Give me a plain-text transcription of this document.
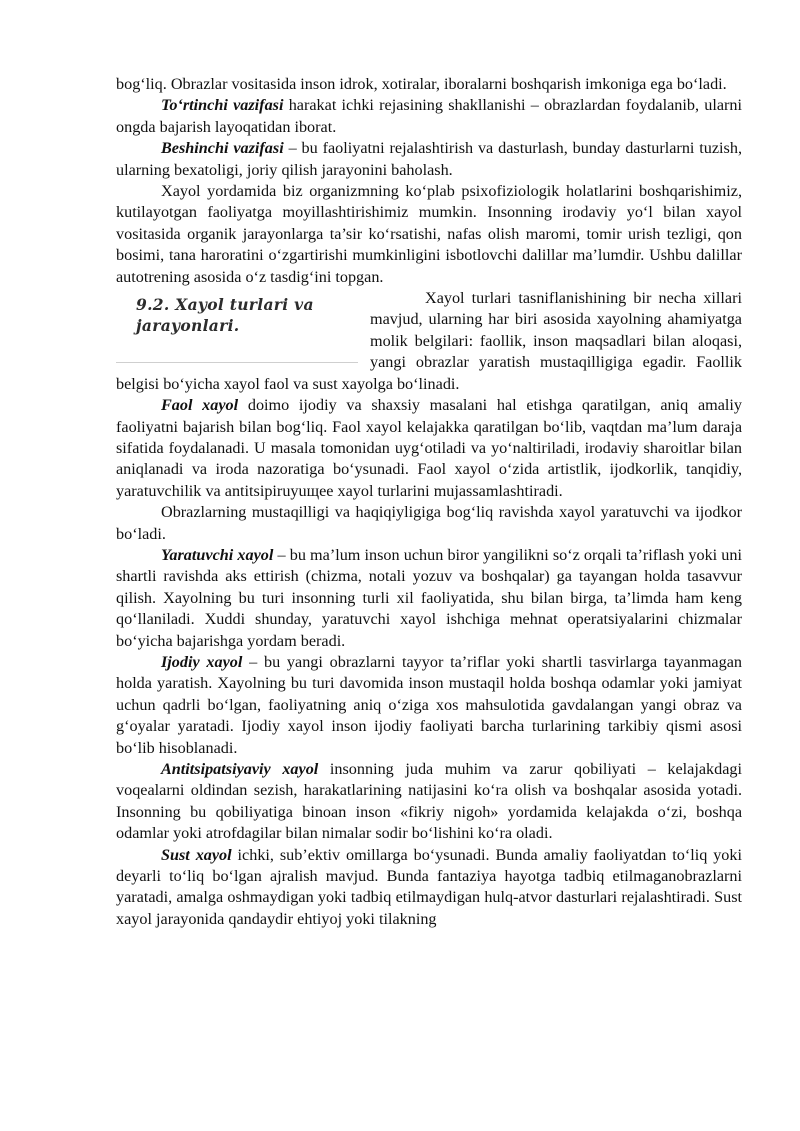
bog‘liq. Obrazlar vositasida inson idrok, xotiralar, iboralarni boshqarish imkoniga ega bo‘ladi.

To‘rtinchi vazifasi harakat ichki rejasining shakllanishi – obrazlardan foydalanib, ularni ongda bajarish layoqatidan iborat.

Beshinchi vazifasi – bu faoliyatni rejalashtirish va dasturlash, bunday dasturlarni tuzish, ularning bexatoligi, joriy qilish jarayonini baholash.

Xayol yordamida biz organizmning ko‘plab psixofiziologik holatlarini boshqarishimiz, kutilayotgan faoliyatga moyillashtirishimiz mumkin. Insonning irodaviy yo‘l bilan xayol vositasida organik jarayonlarga ta’sir ko‘rsatishi, nafas olish maromi, tomir urish tezligi, qon bosimi, tana haroratini o‘zgartirishi mumkinligini isbotlovchi dalillar ma’lumdir. Ushbu dalillar autotrening asosida o‘z tasdig‘ini topgan.

9.2. Xayol turlari va
jarayonlari.

Xayol turlari tasniflanishining bir necha xillari mavjud, ularning har biri asosida xayolning ahamiyatga molik belgilari: faollik, inson maqsadlari bilan aloqasi, yangi obrazlar yaratish mustaqilligiga egadir. Faollik belgisi bo‘yicha xayol faol va sust xayolga bo‘linadi.

Faol xayol doimo ijodiy va shaxsiy masalani hal etishga qaratilgan, aniq amaliy faoliyatni bajarish bilan bog‘liq. Faol xayol kelajakka qaratilgan bo‘lib, vaqtdan ma’lum daraja sifatida foydalanadi. U masala tomonidan uyg‘otiladi va yo‘naltiriladi, irodaviy sharoitlar bilan aniqlanadi va iroda nazoratiga bo‘ysunadi. Faol xayol o‘zida artistlik, ijodkorlik, tanqidiy, yaratuvchilik va antitsipiruyuщee xayol turlarini mujassamlashtiradi.

Obrazlarning mustaqilligi va haqiqiyligiga bog‘liq ravishda xayol yaratuvchi va ijodkor bo‘ladi.

Yaratuvchi xayol – bu ma’lum inson uchun biror yangilikni so‘z orqali ta’riflash yoki uni shartli ravishda aks ettirish (chizma, notali yozuv va boshqalar) ga tayangan holda tasavvur qilish. Xayolning bu turi insonning turli xil faoliyatida, shu bilan birga, ta’limda ham keng qo‘llaniladi. Xuddi shunday, yaratuvchi xayol ishchiga mehnat operatsiyalarini chizmalar bo‘yicha bajarishga yordam beradi.

Ijodiy xayol – bu yangi obrazlarni tayyor ta’riflar yoki shartli tasvirlarga tayanmagan holda yaratish. Xayolning bu turi davomida inson mustaqil holda boshqa odamlar yoki jamiyat uchun qadrli bo‘lgan, faoliyatning aniq o‘ziga xos mahsulotida gavdalangan yangi obraz va g‘oyalar yaratadi. Ijodiy xayol inson ijodiy faoliyati barcha turlarining tarkibiy qismi asosi bo‘lib hisoblanadi.

Antitsipatsiyaviy xayol insonning juda muhim va zarur qobiliyati – kelajakdagi voqealarni oldindan sezish, harakatlarining natijasini ko‘ra olish va boshqalar asosida yotadi. Insonning bu qobiliyatiga binoan inson «fikriy nigoh» yordamida kelajakda o‘zi, boshqa odamlar yoki atrofdagilar bilan nimalar sodir bo‘lishini ko‘ra oladi.

Sust xayol ichki, sub’ektiv omillarga bo‘ysunadi. Bunda amaliy faoliyatdan to‘liq yoki deyarli to‘liq bo‘lgan ajralish mavjud. Bunda fantaziya hayotga tadbiq etilmaganobrazlarni yaratadi, amalga oshmaydigan yoki tadbiq etilmaydigan hulq-atvor dasturlari rejalashtiradi. Sust xayol jarayonida qandaydir ehtiyoj yoki tilakning
